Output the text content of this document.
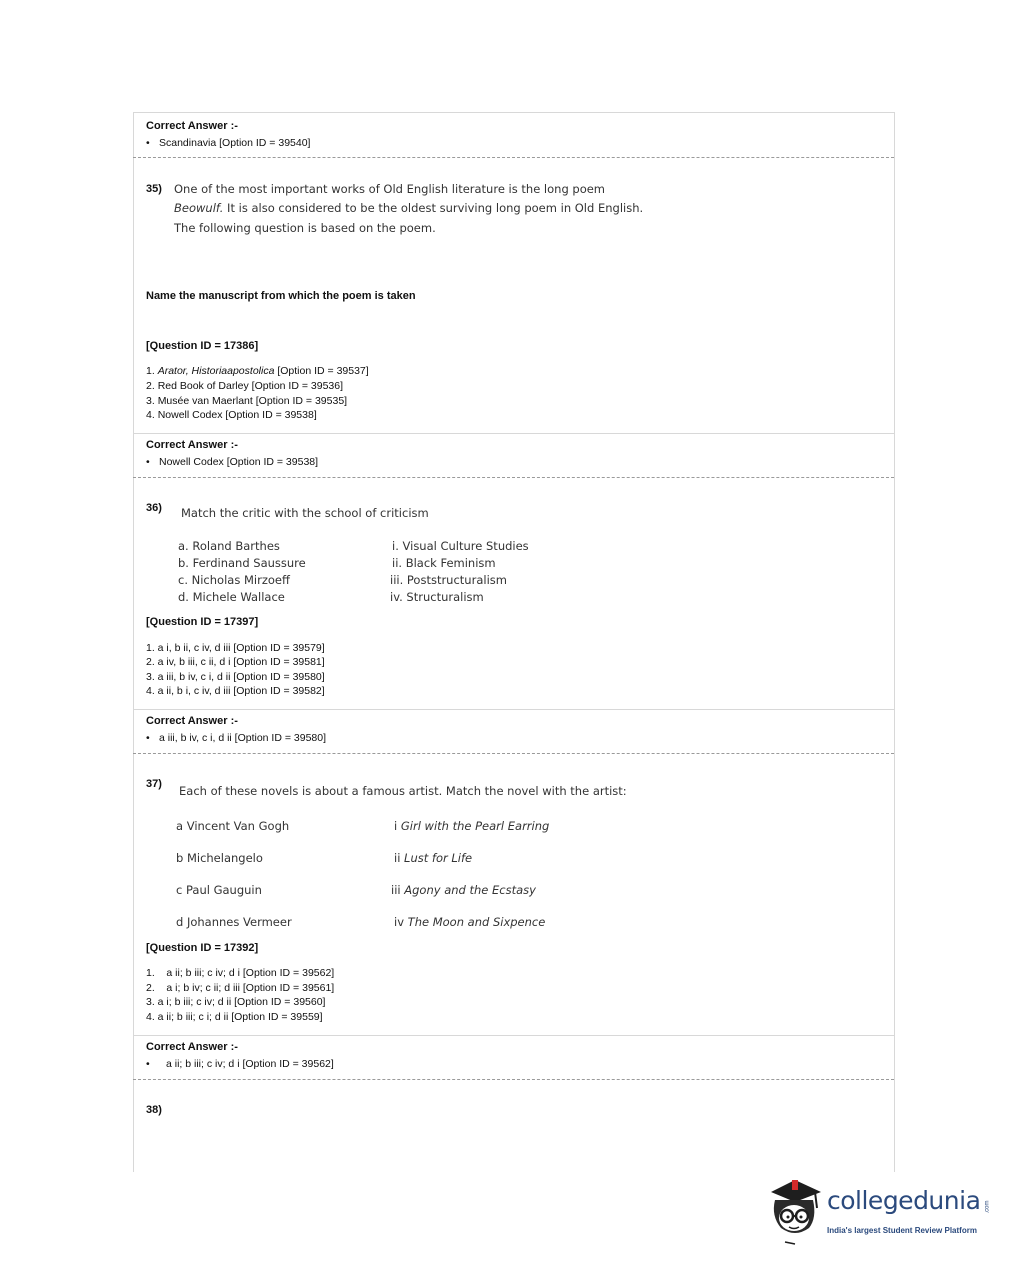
Correct Answer :-
• Scandinavia [Option ID = 39540]
35) One of the most important works of Old English literature is the long poem
Beowulf. It is also considered to be the oldest surviving long poem in Old English.
The following question is based on the poem.
Name the manuscript from which the poem is taken
[Question ID = 17386]
1. Arator, Historiaapostolica [Option ID = 39537]
2. Red Book of Darley [Option ID = 39536]
3. Musée van Maerlant [Option ID = 39535]
4. Nowell Codex [Option ID = 39538]
Correct Answer :-
• Nowell Codex [Option ID = 39538]
36) Match the critic with the school of criticism
a. Roland Barthes
b. Ferdinand Saussure
c. Nicholas Mirzoeff
d. Michele Wallace
i. Visual Culture Studies
ii. Black Feminism
iii. Poststructuralism
iv. Structuralism
[Question ID = 17397]
1. a i, b ii, c iv, d iii [Option ID = 39579]
2. a iv, b iii, c ii, d i [Option ID = 39581]
3. a iii, b iv, c i, d ii [Option ID = 39580]
4. a ii, b i, c iv, d iii [Option ID = 39582]
Correct Answer :-
• a iii, b iv, c i, d ii [Option ID = 39580]
37) Each of these novels is about a famous artist. Match the novel with the artist:
a Vincent Van Gogh
b Michelangelo
c Paul Gauguin
d Johannes Vermeer
i Girl with the Pearl Earring
ii Lust for Life
iii Agony and the Ecstasy
iv The Moon and Sixpence
[Question ID = 17392]
1.    a ii; b iii; c iv; d i [Option ID = 39562]
2.    a i; b iv; c ii; d iii [Option ID = 39561]
3. a i; b iii; c iv; d ii [Option ID = 39560]
4. a ii; b iii; c i; d ii [Option ID = 39559]
Correct Answer :-
• a ii; b iii; c iv; d i [Option ID = 39562]
38)
collegedunia .com
India's largest Student Review Platform
